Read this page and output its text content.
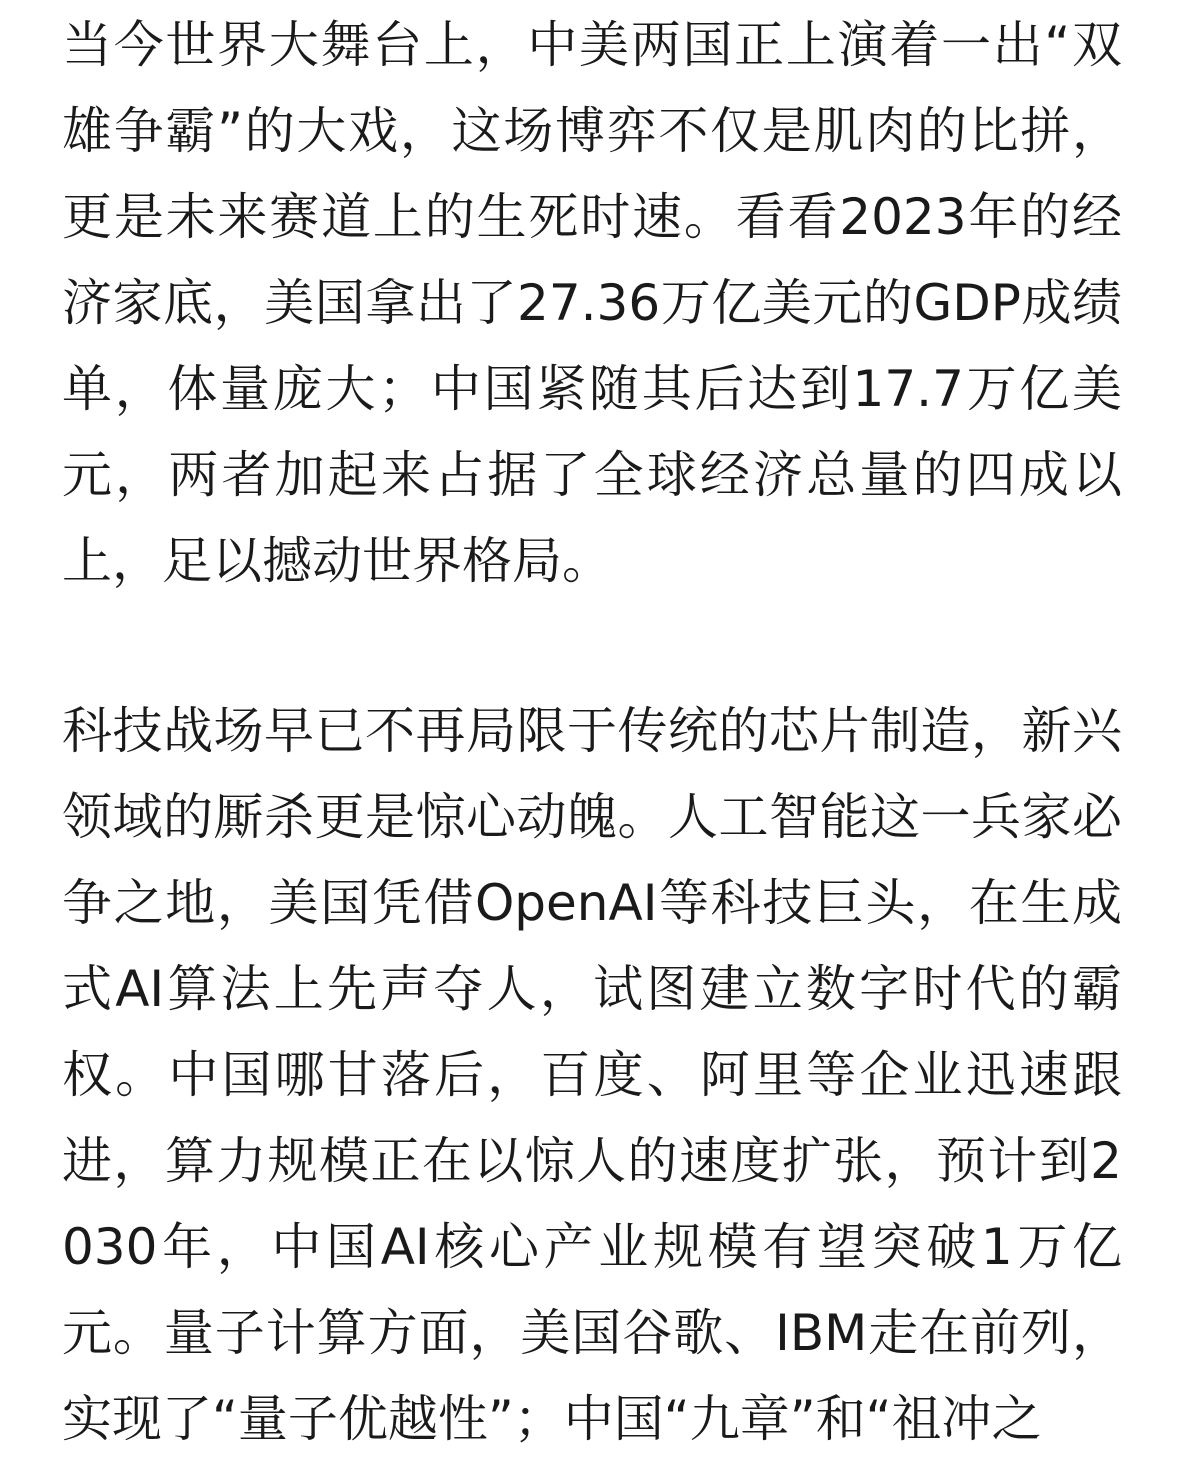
当今世界大舞台上，中美两国正上演着一出“双雄争霸”的大戏，这场博弈不仅是肌肉的比拼，更是未来赛道上的生死时速。看看2023年的经济家底，美国拿出了27.36万亿美元的GDP成绩单，体量庞大；中国紧随其后达到17.7万亿美元，两者加起来占据了全球经济总量的四成以上，足以撼动世界格局。

科技战场早已不再局限于传统的芯片制造，新兴领域的厮杀更是惊心动魄。人工智能这一兵家必争之地，美国凭借OpenAI等科技巨头，在生成式AI算法上先声夺人，试图建立数字时代的霸权。中国哪甘落后，百度、阿里等企业迅速跟进，算力规模正在以惊人的速度扩张，预计到2030年，中国AI核心产业规模有望突破1万亿元。量子计算方面，美国谷歌、IBM走在前列，实现了“量子优越性”；中国“九章”和“祖冲之
